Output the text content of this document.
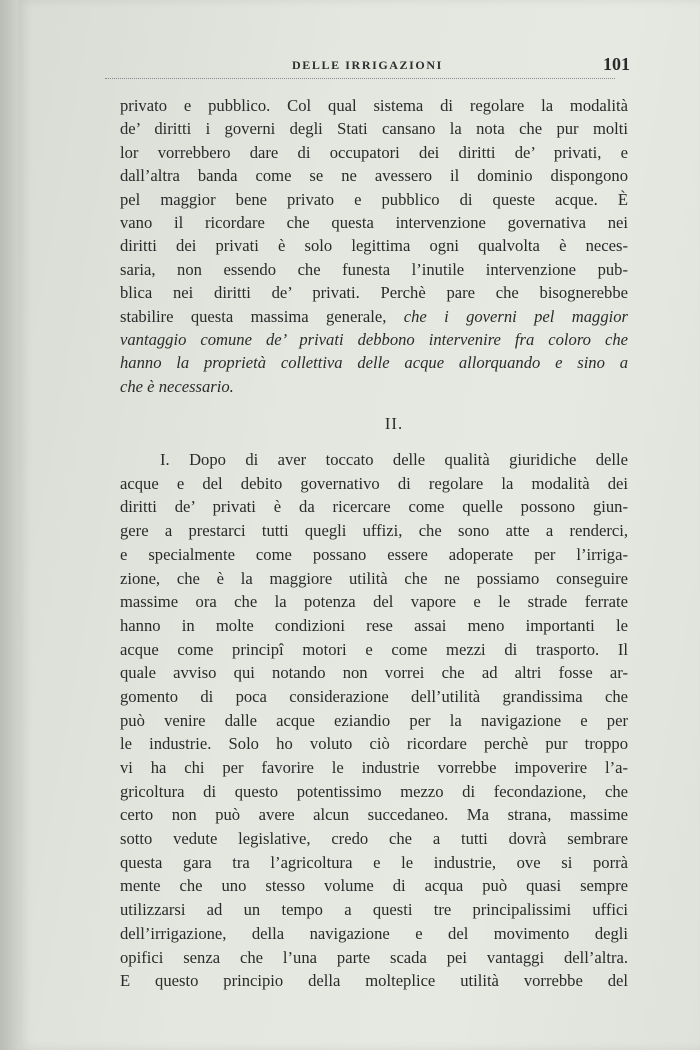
DELLE IRRIGAZIONI	101
privato e pubblico. Col qual sistema di regolare la modalità
de’ diritti i governi degli Stati cansano la nota che pur molti
lor vorrebbero dare di occupatori dei diritti de’ privati, e
dall’altra banda come se ne avessero il dominio dispongono
pel maggior bene privato e pubblico di queste acque. È
vano il ricordare che questa intervenzione governativa nei
diritti dei privati è solo legittima ogni qualvolta è neces-
saria, non essendo che funesta l’inutile intervenzione pub-
blica nei diritti de’ privati. Perchè pare che bisognerebbe
stabilire questa massima generale, che i governi pel maggior
vantaggio comune de’ privati debbono intervenire fra coloro che
hanno la proprietà collettiva delle acque allorquando e sino a
che è necessario.
II.
I. Dopo di aver toccato delle qualità giuridiche delle
acque e del debito governativo di regolare la modalità dei
diritti de’ privati è da ricercare come quelle possono giun-
gere a prestarci tutti quegli uffizi, che sono atte a renderci,
e specialmente come possano essere adoperate per l’irriga-
zione, che è la maggiore utilità che ne possiamo conseguire
massime ora che la potenza del vapore e le strade ferrate
hanno in molte condizioni rese assai meno importanti le
acque come principî motori e come mezzi di trasporto. Il
quale avviso qui notando non vorrei che ad altri fosse ar-
gomento di poca considerazione dell’utilità grandissima che
può venire dalle acque eziandio per la navigazione e per
le industrie. Solo ho voluto ciò ricordare perchè pur troppo
vi ha chi per favorire le industrie vorrebbe impoverire l’a-
gricoltura di questo potentissimo mezzo di fecondazione, che
certo non può avere alcun succedaneo. Ma strana, massime
sotto vedute legislative, credo che a tutti dovrà sembrare
questa gara tra l’agricoltura e le industrie, ove si porrà
mente che uno stesso volume di acqua può quasi sempre
utilizzarsi ad un tempo a questi tre principalissimi uffici
dell’irrigazione, della navigazione e del movimento degli
opifici senza che l’una parte scada pei vantaggi dell’altra.
E questo principio della molteplice utilità vorrebbe del
